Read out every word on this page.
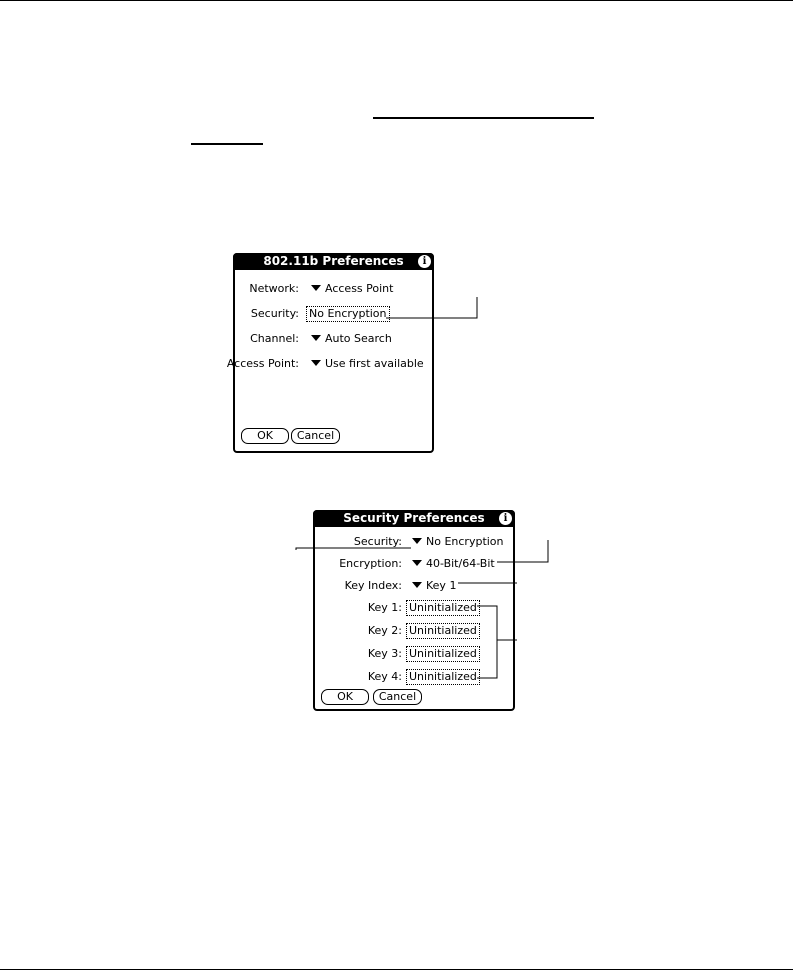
802.11b Preferences	i
Network:	Access Point
Security: No Encryption
Channel:	Auto Search
Access Point:	Use first available
OK	Cancel
Security Preferences	i
Security:	No Encryption
Encryption:	40-Bit/64-Bit
Key Index:	Key 1
Key 1: Uninitialized
Key 2: Uninitialized
Key 3: Uninitialized
Key 4: Uninitialized
OK	Cancel
